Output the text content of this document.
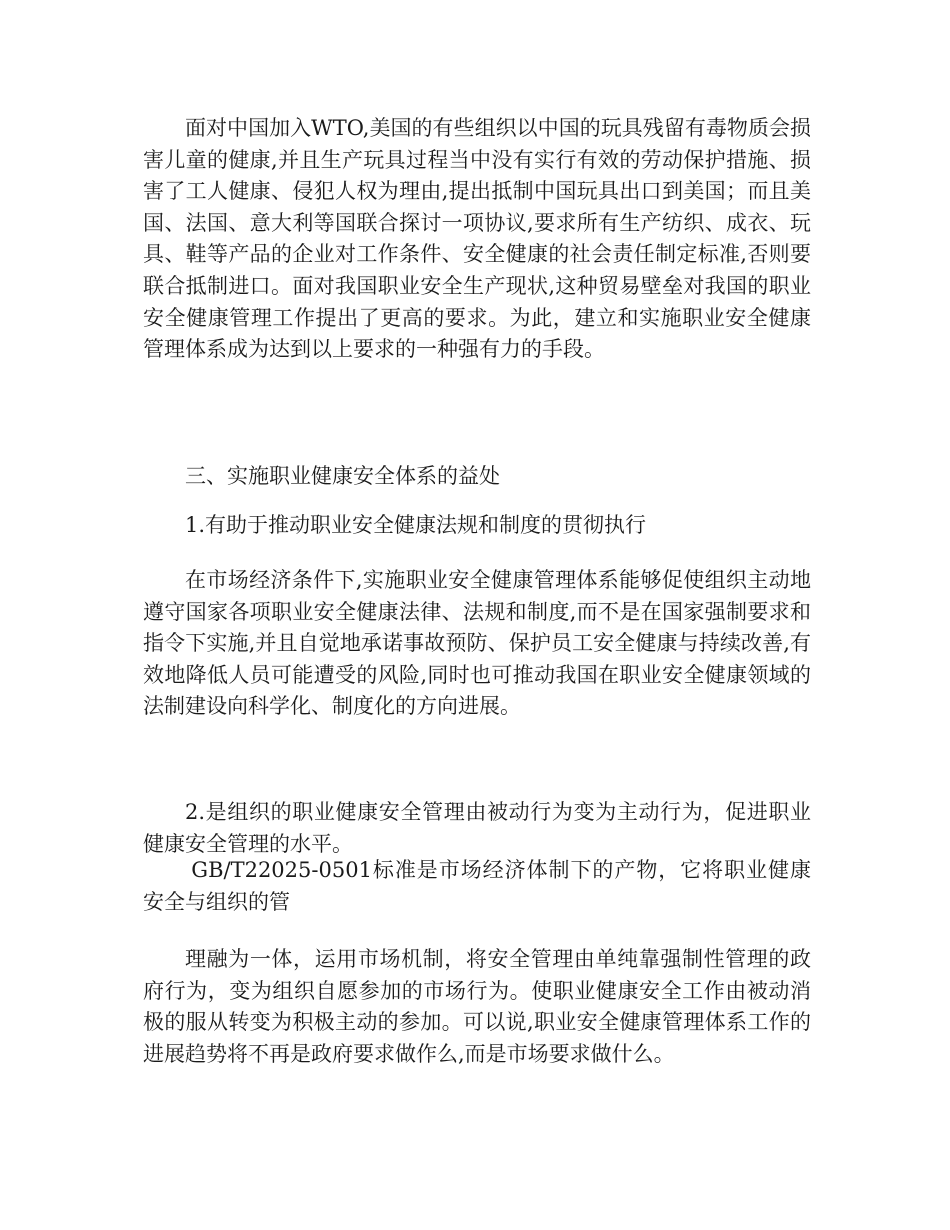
面对中国加入WTO,美国的有些组织以中国的玩具残留有毒物质会损害儿童的健康,并且生产玩具过程当中没有实行有效的劳动保护措施、损害了工人健康、侵犯人权为理由,提出抵制中国玩具出口到美国；而且美国、法国、意大利等国联合探讨一项协议,要求所有生产纺织、成衣、玩具、鞋等产品的企业对工作条件、安全健康的社会责任制定标准,否则要联合抵制进口。面对我国职业安全生产现状,这种贸易壁垒对我国的职业安全健康管理工作提出了更高的要求。为此，建立和实施职业安全健康管理体系成为达到以上要求的一种强有力的手段。

三、实施职业健康安全体系的益处

1.有助于推动职业安全健康法规和制度的贯彻执行

在市场经济条件下,实施职业安全健康管理体系能够促使组织主动地遵守国家各项职业安全健康法律、法规和制度,而不是在国家强制要求和指令下实施,并且自觉地承诺事故预防、保护员工安全健康与持续改善,有效地降低人员可能遭受的风险,同时也可推动我国在职业安全健康领域的法制建设向科学化、制度化的方向进展。

2.是组织的职业健康安全管理由被动行为变为主动行为，促进职业健康安全管理的水平。

GB/T22025-0501标准是市场经济体制下的产物，它将职业健康安全与组织的管

理融为一体，运用市场机制，将安全管理由单纯靠强制性管理的政府行为，变为组织自愿参加的市场行为。使职业健康安全工作由被动消极的服从转变为积极主动的参加。可以说,职业安全健康管理体系工作的进展趋势将不再是政府要求做作么,而是市场要求做什么。
